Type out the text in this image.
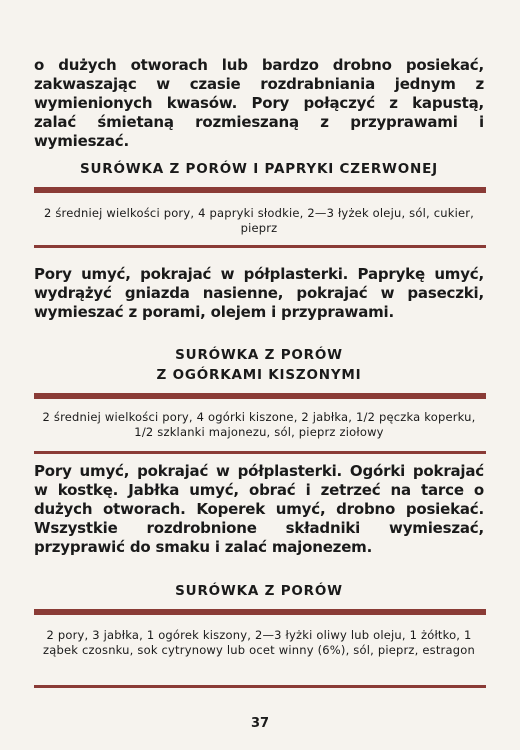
o dużych otworach lub bardzo drobno posiekać, zakwaszając w czasie rozdrabniania jednym z wymienionych kwasów. Pory połączyć z kapustą, zalać śmietaną rozmieszaną z przyprawami i wymieszać.

SURÓWKA Z PORÓW I PAPRYKI CZERWONEJ
2 średniej wielkości pory, 4 papryki słodkie, 2—3 łyżek oleju, sól, cukier, pieprz

Pory umyć, pokrajać w półplasterki. Paprykę umyć, wydrążyć gniazda nasienne, pokrajać w paseczki, wymieszać z porami, olejem i przyprawami.

SURÓWKA Z PORÓW
Z OGÓRKAMI KISZONYMI
2 średniej wielkości pory, 4 ogórki kiszone, 2 jabłka, 1/2 pęczka koperku, 1/2 szklanki majonezu, sól, pieprz ziołowy

Pory umyć, pokrajać w półplasterki. Ogórki pokrajać w kostkę. Jabłka umyć, obrać i zetrzeć na tarce o dużych otworach. Koperek umyć, drobno posiekać. Wszystkie rozdrobnione składniki wymieszać, przyprawić do smaku i zalać majonezem.

SURÓWKA Z PORÓW
2 pory, 3 jabłka, 1 ogórek kiszony, 2—3 łyżki oliwy lub oleju, 1 żółtko, 1 ząbek czosnku, sok cytrynowy lub ocet winny (6%), sól, pieprz, estragon
37
